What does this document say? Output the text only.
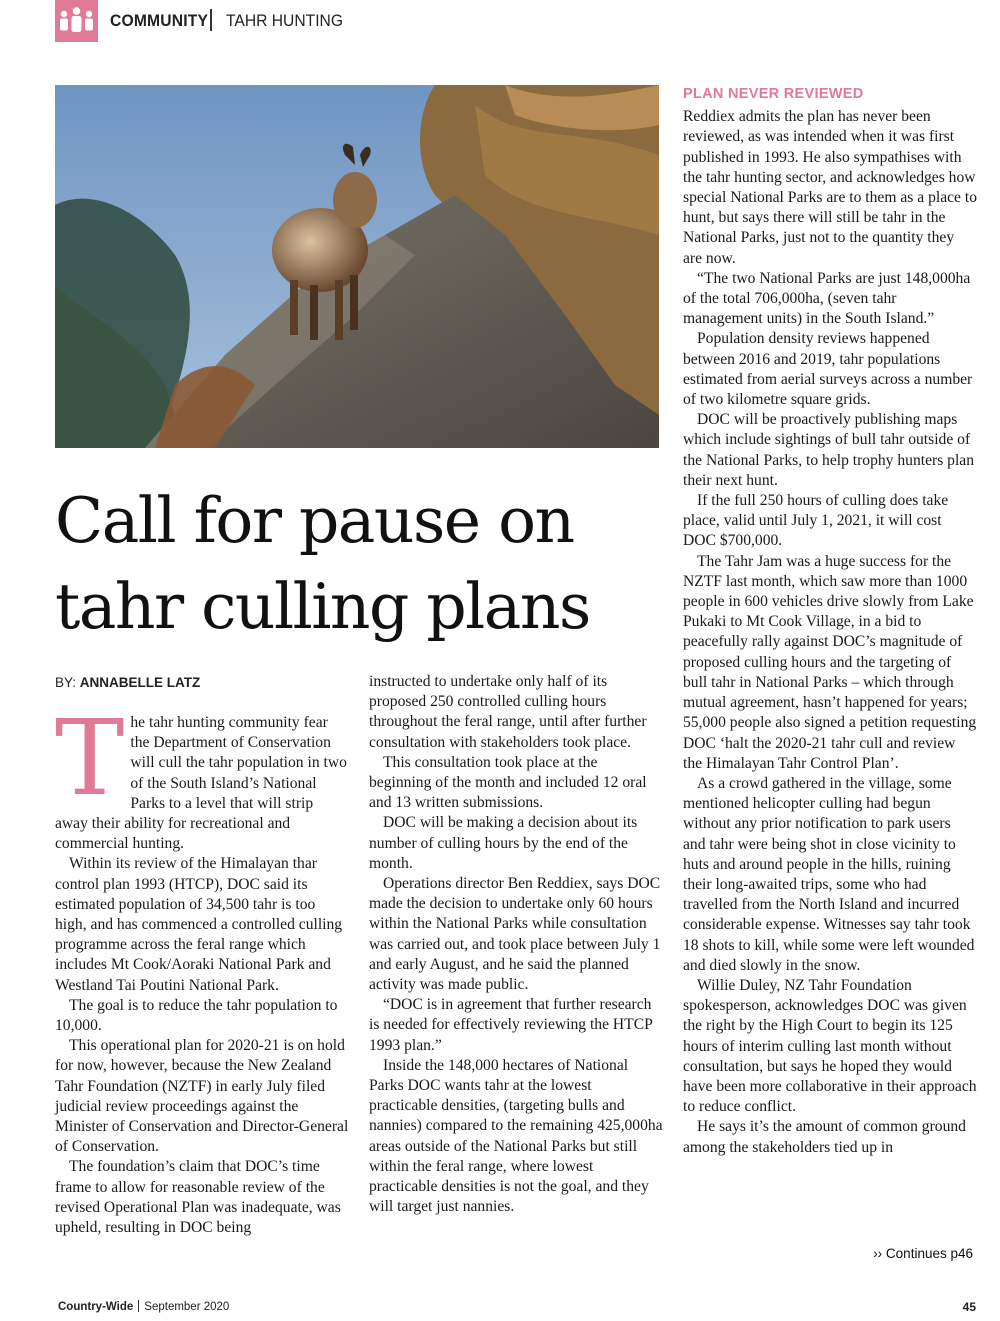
COMMUNITY TAHR HUNTING
Call for pause on
tahr culling plans
BY: ANNABELLE LATZ
T he tahr hunting community fear the Department of Conservation will cull the tahr population in two of the South Island’s National Parks to a level that will strip away their ability for recreational and commercial hunting.

Within its review of the Himalayan thar control plan 1993 (HTCP), DOC said its estimated population of 34,500 tahr is too high, and has commenced a controlled culling programme across the feral range which includes Mt Cook/Aoraki National Park and Westland Tai Poutini National Park.

The goal is to reduce the tahr population to 10,000.

This operational plan for 2020-21 is on hold for now, however, because the New Zealand Tahr Foundation (NZTF) in early July filed judicial review proceedings against the Minister of Conservation and Director-General of Conservation.

The foundation’s claim that DOC’s time frame to allow for reasonable review of the revised Operational Plan was inadequate, was upheld, resulting in DOC being

instructed to undertake only half of its proposed 250 controlled culling hours throughout the feral range, until after further consultation with stakeholders took place.

This consultation took place at the beginning of the month and included 12 oral and 13 written submissions.

DOC will be making a decision about its number of culling hours by the end of the month.

Operations director Ben Reddiex, says DOC made the decision to undertake only 60 hours within the National Parks while consultation was carried out, and took place between July 1 and early August, and he said the planned activity was made public.

“DOC is in agreement that further research is needed for effectively reviewing the HTCP 1993 plan.”

Inside the 148,000 hectares of National Parks DOC wants tahr at the lowest practicable densities, (targeting bulls and nannies) compared to the remaining 425,000ha areas outside of the National Parks but still within the feral range, where lowest practicable densities is not the goal, and they will target just nannies.

PLAN NEVER REVIEWED

Reddiex admits the plan has never been reviewed, as was intended when it was first published in 1993. He also sympathises with the tahr hunting sector, and acknowledges how special National Parks are to them as a place to hunt, but says there will still be tahr in the National Parks, just not to the quantity they are now.

“The two National Parks are just 148,000ha of the total 706,000ha, (seven tahr management units) in the South Island.”

Population density reviews happened between 2016 and 2019, tahr populations estimated from aerial surveys across a number of two kilometre square grids.

DOC will be proactively publishing maps which include sightings of bull tahr outside of the National Parks, to help trophy hunters plan their next hunt.

If the full 250 hours of culling does take place, valid until July 1, 2021, it will cost DOC $700,000.

The Tahr Jam was a huge success for the NZTF last month, which saw more than 1000 people in 600 vehicles drive slowly from Lake Pukaki to Mt Cook Village, in a bid to peacefully rally against DOC’s magnitude of proposed culling hours and the targeting of bull tahr in National Parks – which through mutual agreement, hasn’t happened for years; 55,000 people also signed a petition requesting DOC ‘halt the 2020-21 tahr cull and review the Himalayan Tahr Control Plan’.

As a crowd gathered in the village, some mentioned helicopter culling had begun without any prior notification to park users and tahr were being shot in close vicinity to huts and around people in the hills, ruining their long-awaited trips, some who had travelled from the North Island and incurred considerable expense. Witnesses say tahr took 18 shots to kill, while some were left wounded and died slowly in the snow.

Willie Duley, NZ Tahr Foundation spokesperson, acknowledges DOC was given the right by the High Court to begin its 125 hours of interim culling last month without consultation, but says he hoped they would have been more collaborative in their approach to reduce conflict.

He says it’s the amount of common ground among the stakeholders tied up in

›› Continues p46
Country-Wide September 2020	45
